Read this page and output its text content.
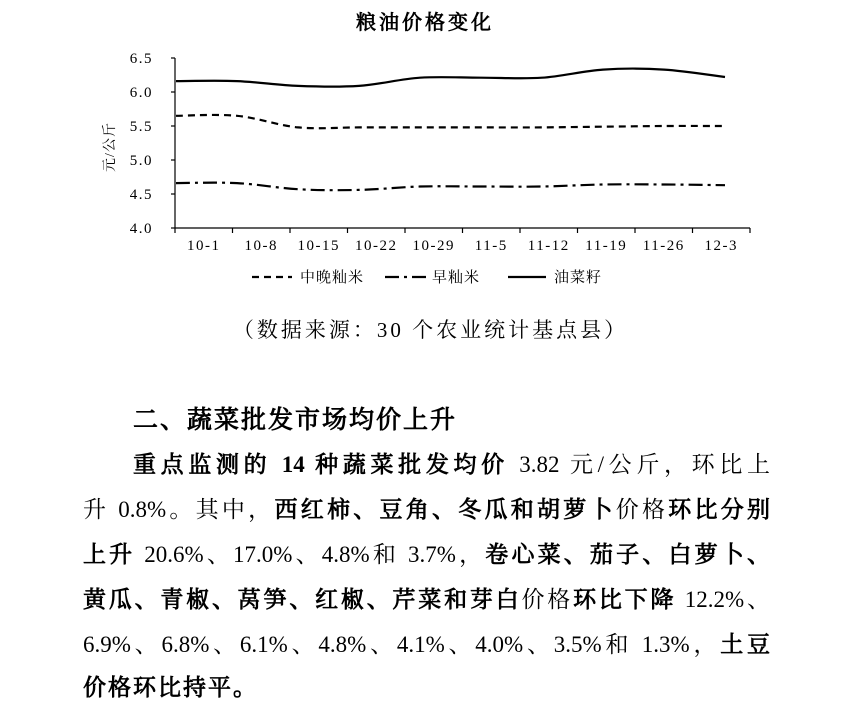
粮油价格变化
元/公斤
4.0
4.5
5.0
5.5
6.0
6.5
10-1 10-8 10-15 10-22 10-29 11-5 11-12 11-19 11-26 12-3
中晚籼米	早籼米	油菜籽
（数据来源：30 个农业统计基点县）
二、蔬菜批发市场均价上升
重点监测的 14 种蔬菜批发均价 3.82 元/公斤，环比上
升 0.8%。其中，西红柿、豆角、冬瓜和胡萝卜价格环比分别
上升 20.6%、17.0%、4.8%和 3.7%，卷心菜、茄子、白萝卜、
黄瓜、青椒、莴笋、红椒、芹菜和芽白价格环比下降 12.2%、
6.9%、6.8%、6.1%、4.8%、4.1%、4.0%、3.5%和 1.3%，土豆
价格环比持平。
